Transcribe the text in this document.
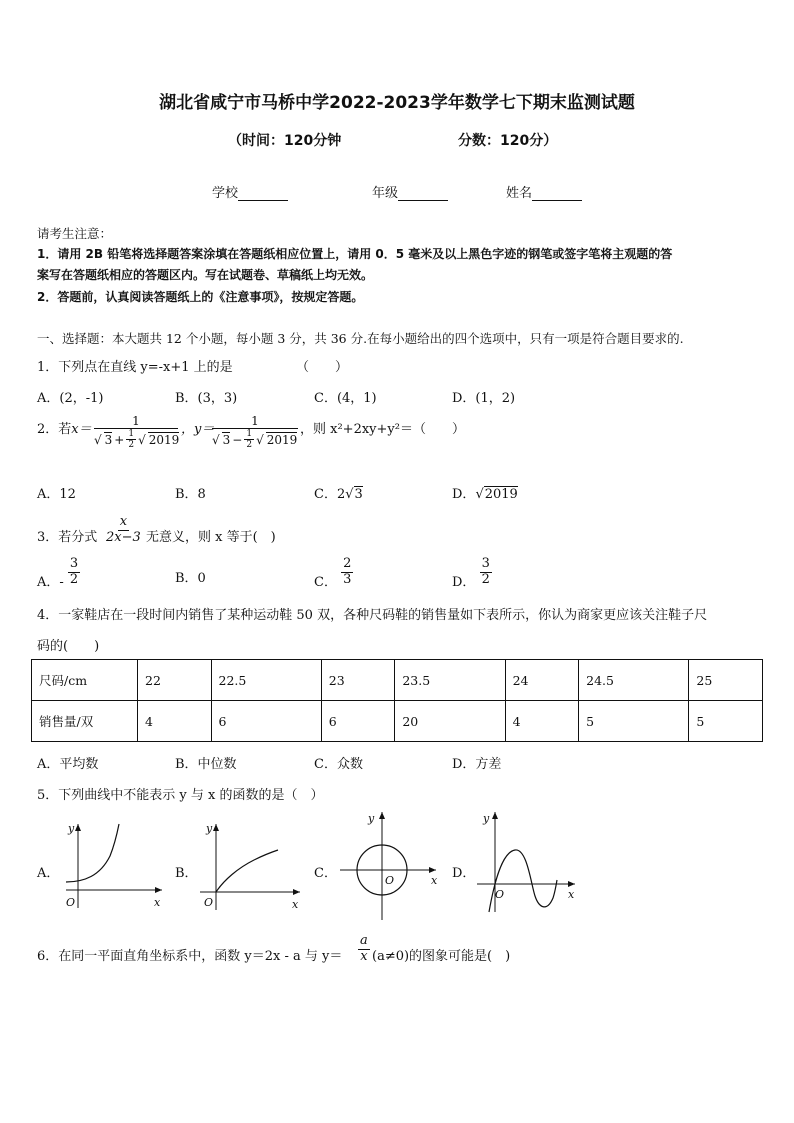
湖北省咸宁市马桥中学2022-2023学年数学七下期末监测试题
（时间：120分钟	分数：120分）
学校	年级	姓名
请考生注意：
1．请用 2B 铅笔将选择题答案涂填在答题纸相应位置上，请用 0．5 毫米及以上黑色字迹的钢笔或签字笔将主观题的答
案写在答题纸相应的答题区内。写在试题卷、草稿纸上均无效。
2．答题前，认真阅读答题纸上的《注意事项》，按规定答题。
一、选择题：本大题共 12 个小题，每小题 3 分，共 36 分.在每小题给出的四个选项中，只有一项是符合题目要求的.
1．下列点在直线 y=-x+1 上的是	（　　）
A．(2，-1)	B．(3，3)	C．(4，1)	D．(1，2)
2．若$x= \frac{1}{√ 3 + \frac{1}{2} √ 2019}$ ，y＝
$\frac{1}{√ 3 - \frac{1}{2} √ 2019}$ ，则 x²+2xy+y²＝（　　）
A．12	B．8	C．2√3	D．√2019
3．若分式 $\frac{x}{2x-3}$ 无意义，则 x 等于(　)
A．- $\frac{3}{2}$	B．0	C． $\frac{2}{3}$	D． $\frac{3}{2}$
4．一家鞋店在一段时间内销售了某种运动鞋 50 双，各种尺码鞋的销售量如下表所示，你认为商家更应该关注鞋子尺
码的(　　)
尺码/cm	22	22.5	23	23.5	24	24.5	25
销售量/双	4	6	6	20	4	5	5
A．平均数	B．中位数	C．众数	D．方差
5．下列曲线中不能表示 y 与 x 的函数的是（　）
A．
y
O	x
B．
y
O	x
C．
y
O	x D．
y
O	x
6．在同一平面直角坐标系中，函数 y＝2x - a 与 $y= \frac{a}{x} (a\ne 0)$的图象可能是(　)
